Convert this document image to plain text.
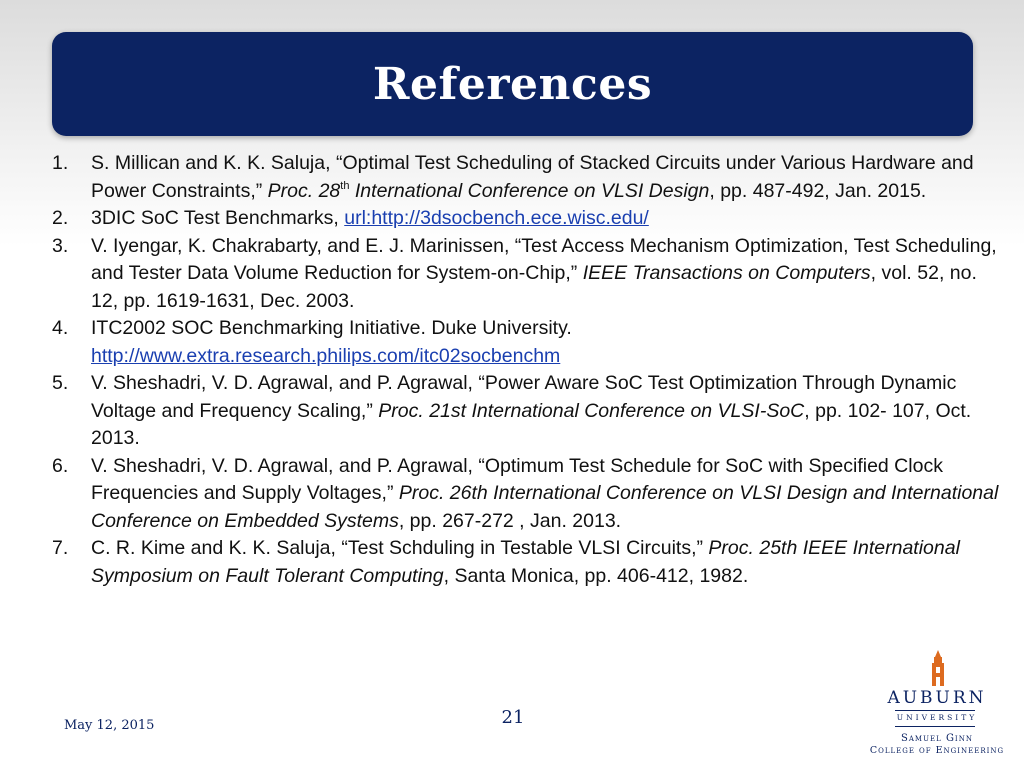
References
1.	S. Millican and K. K. Saluja, “Optimal Test Scheduling of Stacked Circuits under Various Hardware and Power Constraints,” Proc. 28th International Conference on VLSI Design, pp. 487-492, Jan. 2015.
2.	3DIC SoC Test Benchmarks, url:http://3dsocbench.ece.wisc.edu/
3.	V. Iyengar, K. Chakrabarty, and E. J. Marinissen, “Test Access Mechanism Optimization, Test Scheduling, and Tester Data Volume Reduction for System-on-Chip,” IEEE Transactions on Computers, vol. 52, no. 12, pp. 1619-1631, Dec. 2003.
4.	ITC2002 SOC Benchmarking Initiative. Duke University. http://www.extra.research.philips.com/itc02socbenchm
5.	V. Sheshadri, V. D. Agrawal, and P. Agrawal, “Power Aware SoC Test Optimization Through Dynamic Voltage and Frequency Scaling,” Proc. 21st International Conference on VLSI-SoC, pp. 102- 107, Oct. 2013.
6.	V. Sheshadri, V. D. Agrawal, and P. Agrawal, “Optimum Test Schedule for SoC with Specified Clock Frequencies and Supply Voltages,” Proc. 26th International Conference on VLSI Design and International Conference on Embedded Systems, pp. 267-272 , Jan. 2013.
7.	C. R. Kime and K. K. Saluja, “Test Schduling in Testable VLSI Circuits,” Proc. 25th IEEE International Symposium on Fault Tolerant Computing, Santa Monica, pp. 406-412, 1982.
May 12, 2015	21
AUBURN
UNIVERSITY
Samuel Ginn
College of Engineering
